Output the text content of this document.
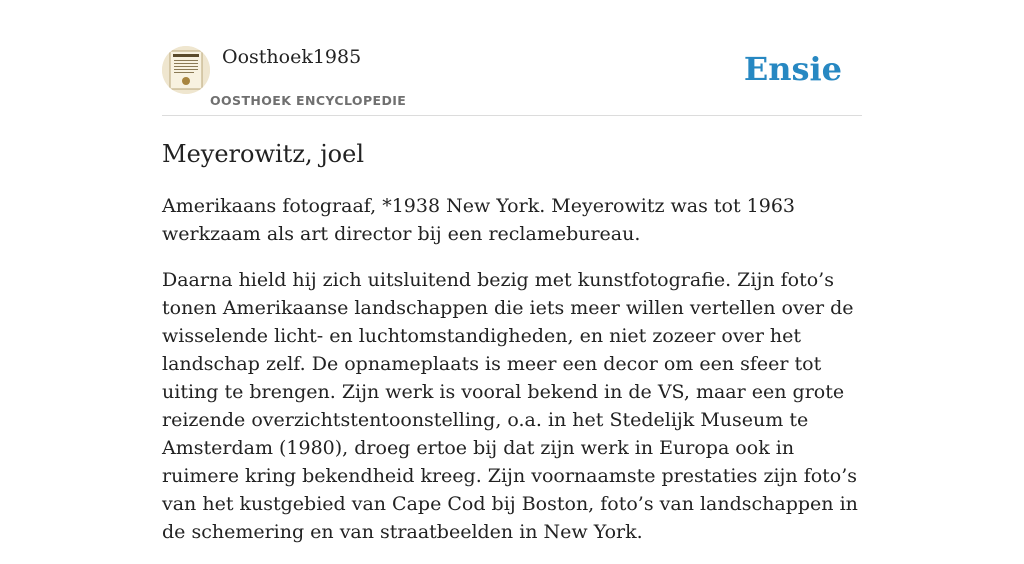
Oosthoek1985
OOSTHOEK ENCYCLOPEDIE
Ensie
Meyerowitz, joel

Amerikaans fotograaf, *1938 New York. Meyerowitz was tot 1963 werkzaam als art director bij een reclamebureau.

Daarna hield hij zich uitsluitend bezig met kunstfotografie. Zijn foto’s tonen Amerikaanse landschappen die iets meer willen vertellen over de wisselende licht- en luchtomstandigheden, en niet zozeer over het landschap zelf. De opnameplaats is meer een decor om een sfeer tot uiting te brengen. Zijn werk is vooral bekend in de VS, maar een grote reizende overzichtstentoonstelling, o.a. in het Stedelijk Museum te Amsterdam (1980), droeg ertoe bij dat zijn werk in Europa ook in ruimere kring bekendheid kreeg. Zijn voornaamste prestaties zijn foto’s van het kustgebied van Cape Cod bij Boston, foto’s van landschappen in de schemering en van straatbeelden in New York.
